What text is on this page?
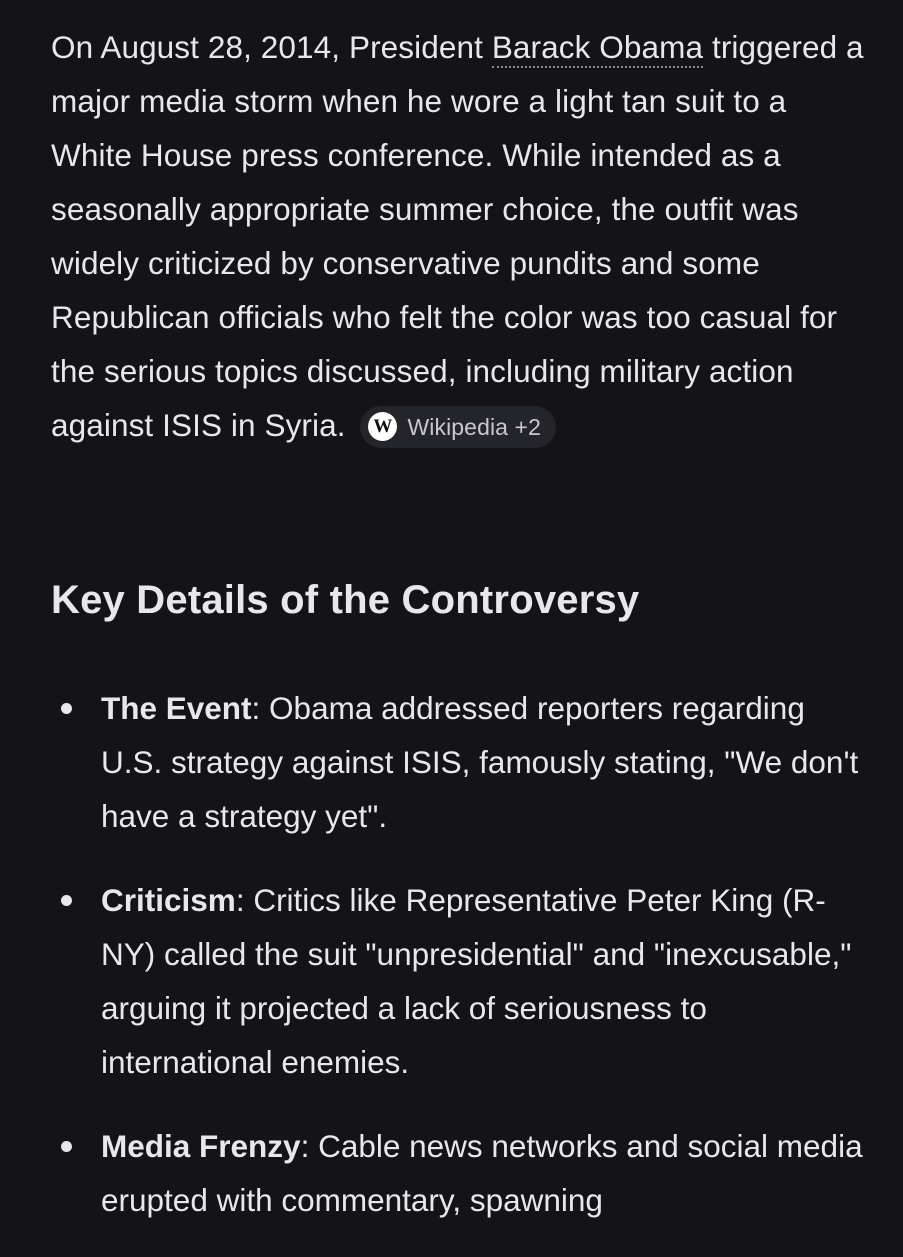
On August 28, 2014, President Barack Obama triggered a major media storm when he wore a light tan suit to a White House press conference. While intended as a seasonally appropriate summer choice, the outfit was widely criticized by conservative pundits and some Republican officials who felt the color was too casual for the serious topics discussed, including military action against ISIS in Syria. W Wikipedia +2

Key Details of the Controversy
The Event: Obama addressed reporters regarding U.S. strategy against ISIS, famously stating, "We don't have a strategy yet".
Criticism: Critics like Representative Peter King (R-NY) called the suit "unpresidential" and "inexcusable," arguing it projected a lack of seriousness to international enemies.
Media Frenzy: Cable news networks and social media erupted with commentary, spawning
